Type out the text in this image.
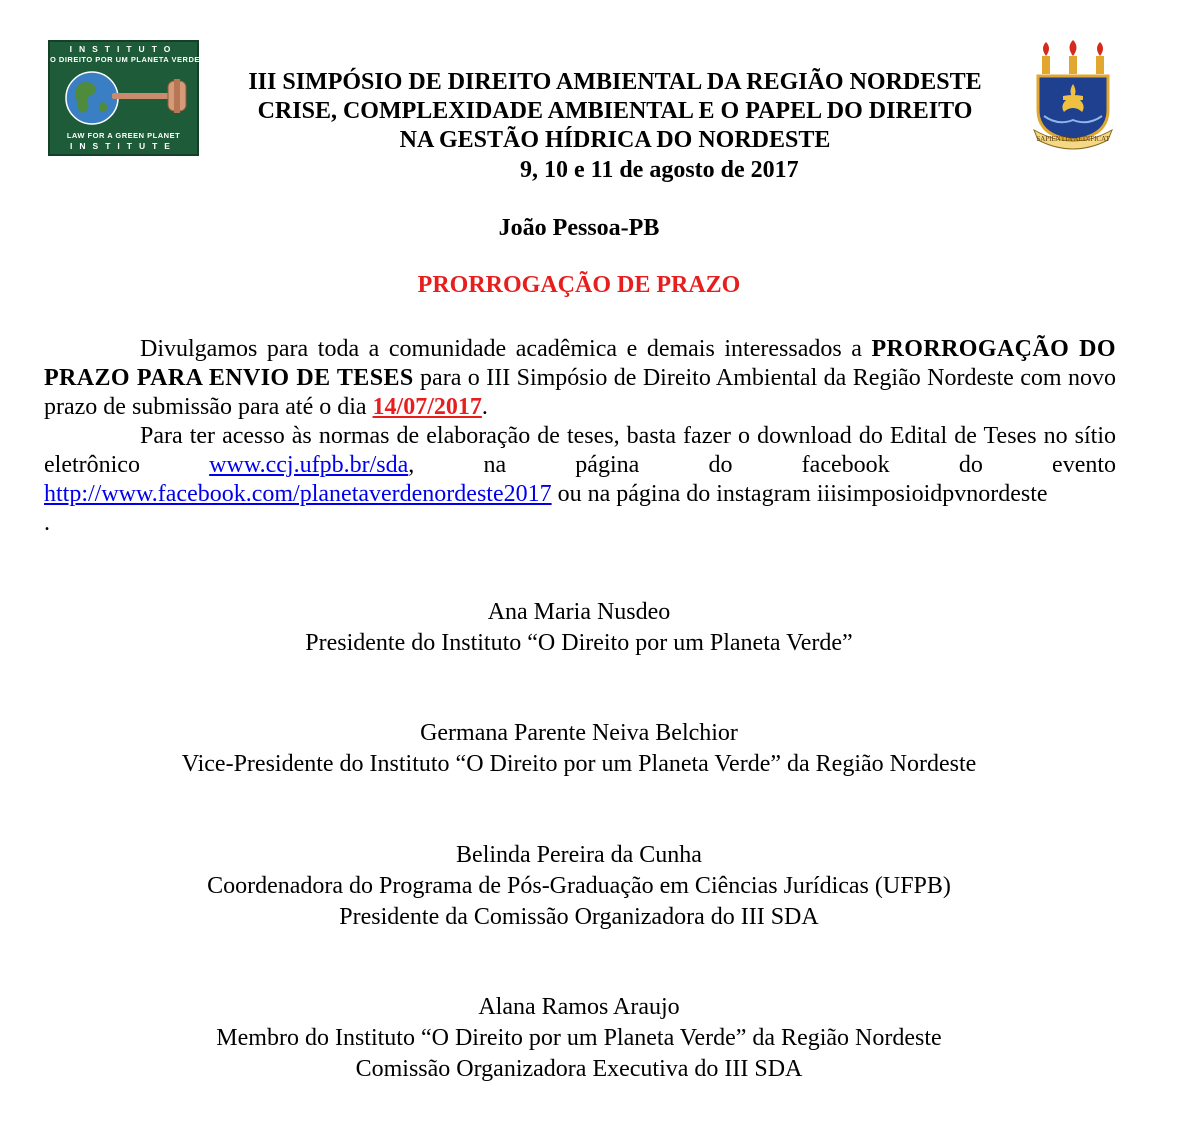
INSTITUTO
O DIREITO POR UM PLANETA VERDE
LAW FOR A GREEN PLANET
INSTITUTE
SAPIENTIA AEDIFICAT
III SIMPÓSIO DE DIREITO AMBIENTAL DA REGIÃO NORDESTE
CRISE, COMPLEXIDADE AMBIENTAL E O PAPEL DO DIREITO
NA GESTÃO HÍDRICA DO NORDESTE
9, 10 e 11 de agosto de 2017
João Pessoa-PB
PRORROGAÇÃO DE PRAZO

Divulgamos para toda a comunidade acadêmica e demais interessados a PRORROGAÇÃO DO PRAZO PARA ENVIO DE TESES para o III Simpósio de Direito Ambiental da Região Nordeste com novo prazo de submissão para até o dia 14/07/2017.

Para ter acesso às normas de elaboração de teses, basta fazer o download do Edital de Teses no sítio eletrônico www.ccj.ufpb.br/sda, na página do facebook do evento http://www.facebook.com/planetaverdenordeste2017 ou na página do instagram iiisimposioidpvnordeste

.

Ana Maria Nusdeo
Presidente do Instituto “O Direito por um Planeta Verde”
Germana Parente Neiva Belchior
Vice-Presidente do Instituto “O Direito por um Planeta Verde” da Região Nordeste
Belinda Pereira da Cunha
Coordenadora do Programa de Pós-Graduação em Ciências Jurídicas (UFPB)
Presidente da Comissão Organizadora do III SDA
Alana Ramos Araujo
Membro do Instituto “O Direito por um Planeta Verde” da Região Nordeste
Comissão Organizadora Executiva do III SDA
